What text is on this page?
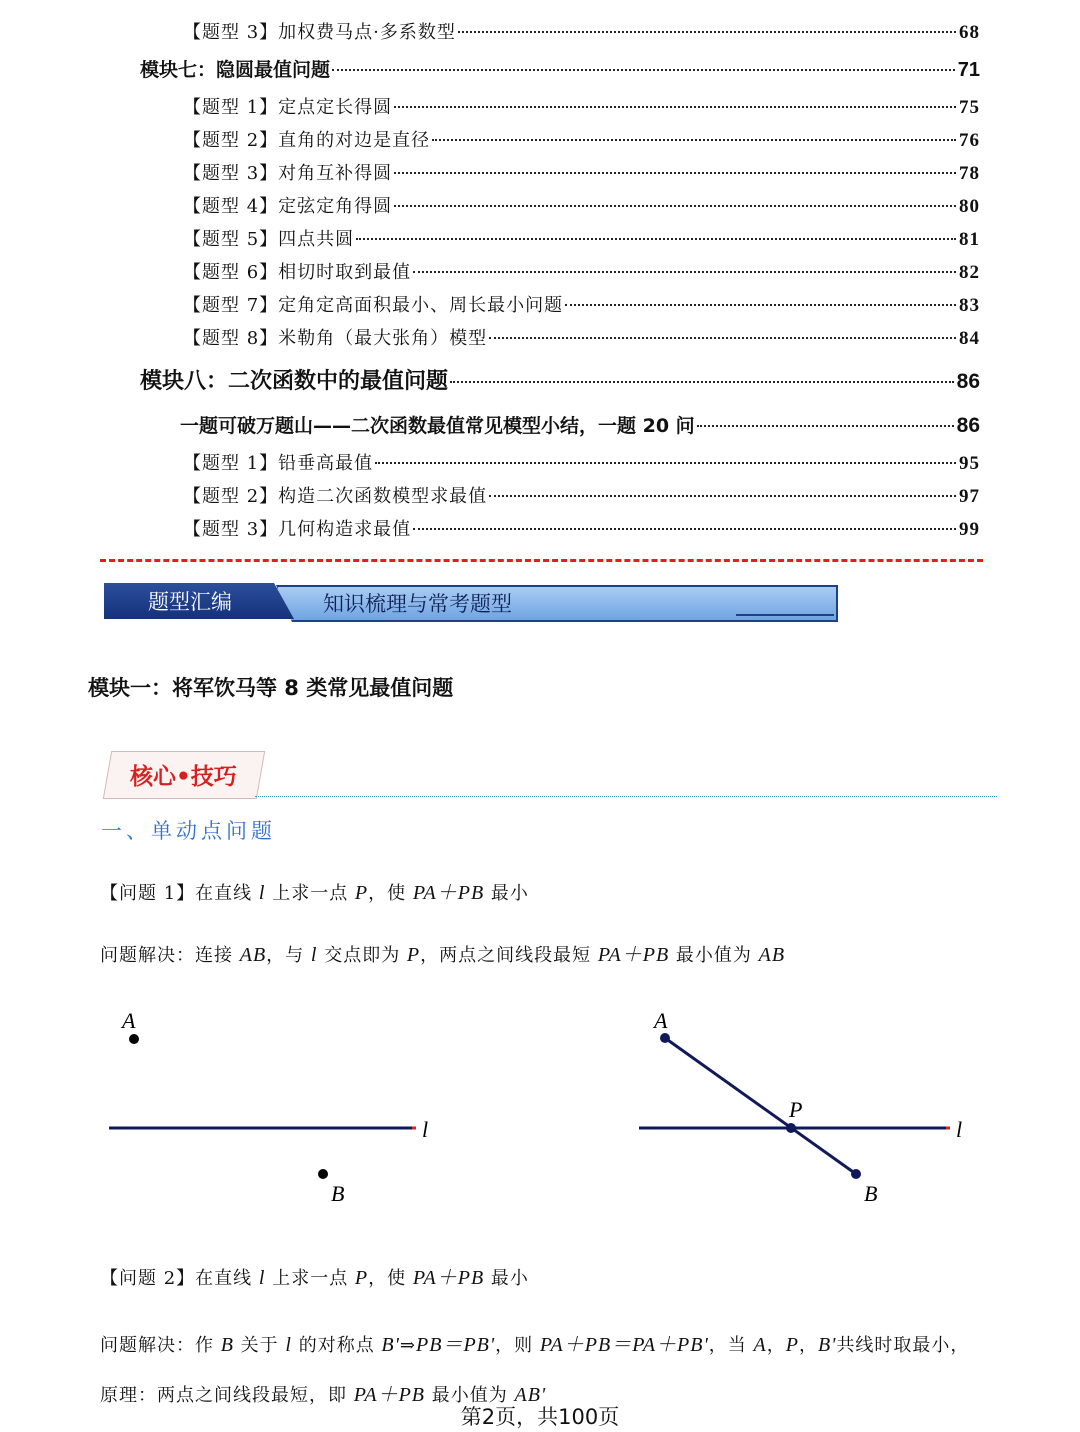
【题型 3】加权费马点·多系数型	68
模块七：隐圆最值问题	71
【题型 1】定点定长得圆	75
【题型 2】直角的对边是直径	76
【题型 3】对角互补得圆	78
【题型 4】定弦定角得圆	80
【题型 5】四点共圆	81
【题型 6】相切时取到最值	82
【题型 7】定角定高面积最小、周长最小问题	83
【题型 8】米勒角（最大张角）模型	84
模块八：二次函数中的最值问题	86
一题可破万题山——二次函数最值常见模型小结，一题 20 问	86
【题型 1】铅垂高最值	95
【题型 2】构造二次函数模型求最值	97
【题型 3】几何构造求最值	99
题型汇编	知识梳理与常考题型
模块一：将军饮马等 8 类常见最值问题
核心•技巧
一、单动点问题
【问题 1】在直线 l 上求一点 P，使 PA＋PB 最小
问题解决：连接 AB，与 l 交点即为 P，两点之间线段最短 PA＋PB 最小值为 AB
A
B
l
A
P
B
l
【问题 2】在直线 l 上求一点 P，使 PA＋PB 最小
问题解决：作 B 关于 l 的对称点 B'⇒PB＝PB'，则 PA＋PB＝PA＋PB'，当 A，P，B'共线时取最小，
原理：两点之间线段最短，即 PA＋PB 最小值为 AB'
第2页，共100页
